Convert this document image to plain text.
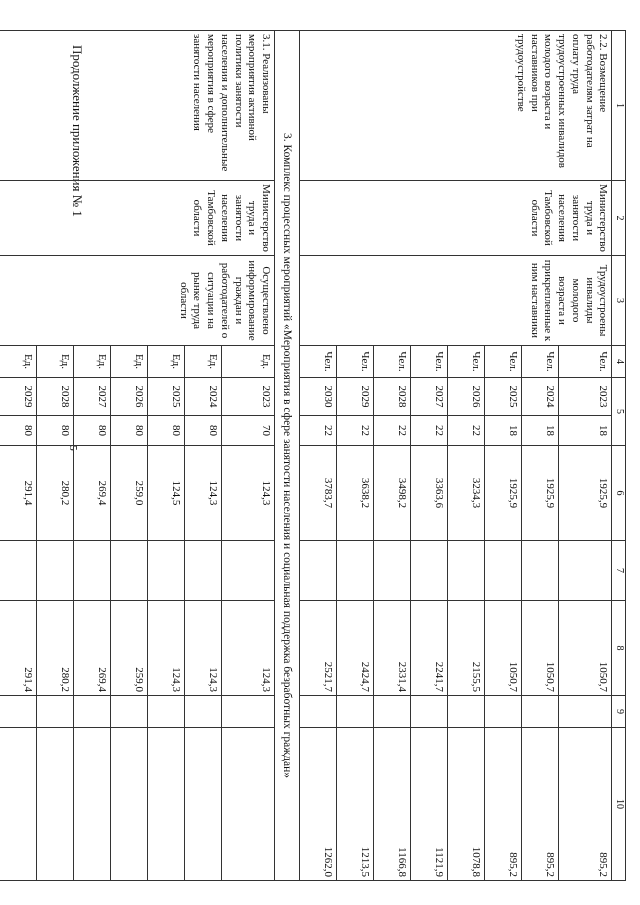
5
Продолжение приложения № 1	1	2	3	4	5		6	7	8	9	10
2.2. Возмещение работодателям затрат на оплату труда трудоустроенных инвалидов молодого возраста и наставников при трудоустройстве	Министерство труда и занятости населения Тамбовской области	Трудоустроены инвалиды молодого возраста и прикрепленные к ним наставники	Чел.	2023	18	1925,9		1050,7		895,2
			Чел.	2024	18	1925,9		1050,7		895,2
			Чел.	2025	18	1925,9		1050,7		895,2
			Чел.	2026	22	3234,3		2155,5		1078,8
			Чел.	2027	22	3363,6		2241,7		1121,9
			Чел.	2028	22	3498,2		2331,4		1166,8
			Чел.	2029	22	3638,2		2424,7		1213,5
			Чел.	2030	22	3783,7		2521,7		1262,0
3. Комплекс процессных мероприятий «Мероприятия в сфере занятости населения и социальная поддержка безработных граждан»										
3.1. Реализованы мероприятия активной политики занятости населения и дополнительные мероприятия в сфере занятости населения	Министерство труда и занятости населения Тамбовской области	Осуществлено информирование граждан и работодателей о ситуации на рынке труда области	Ед.	2023	70	124,3		124,3		
			Ед.	2024	80	124,3		124,3		
			Ед.	2025	80	124,5		124,3		
			Ед.	2026	80	259,0		259,0		
			Ед.	2027	80	269,4		269,4		
			Ед.	2028	80	280,2		280,2		
			Ед.	2029	80	291,4		291,4		
